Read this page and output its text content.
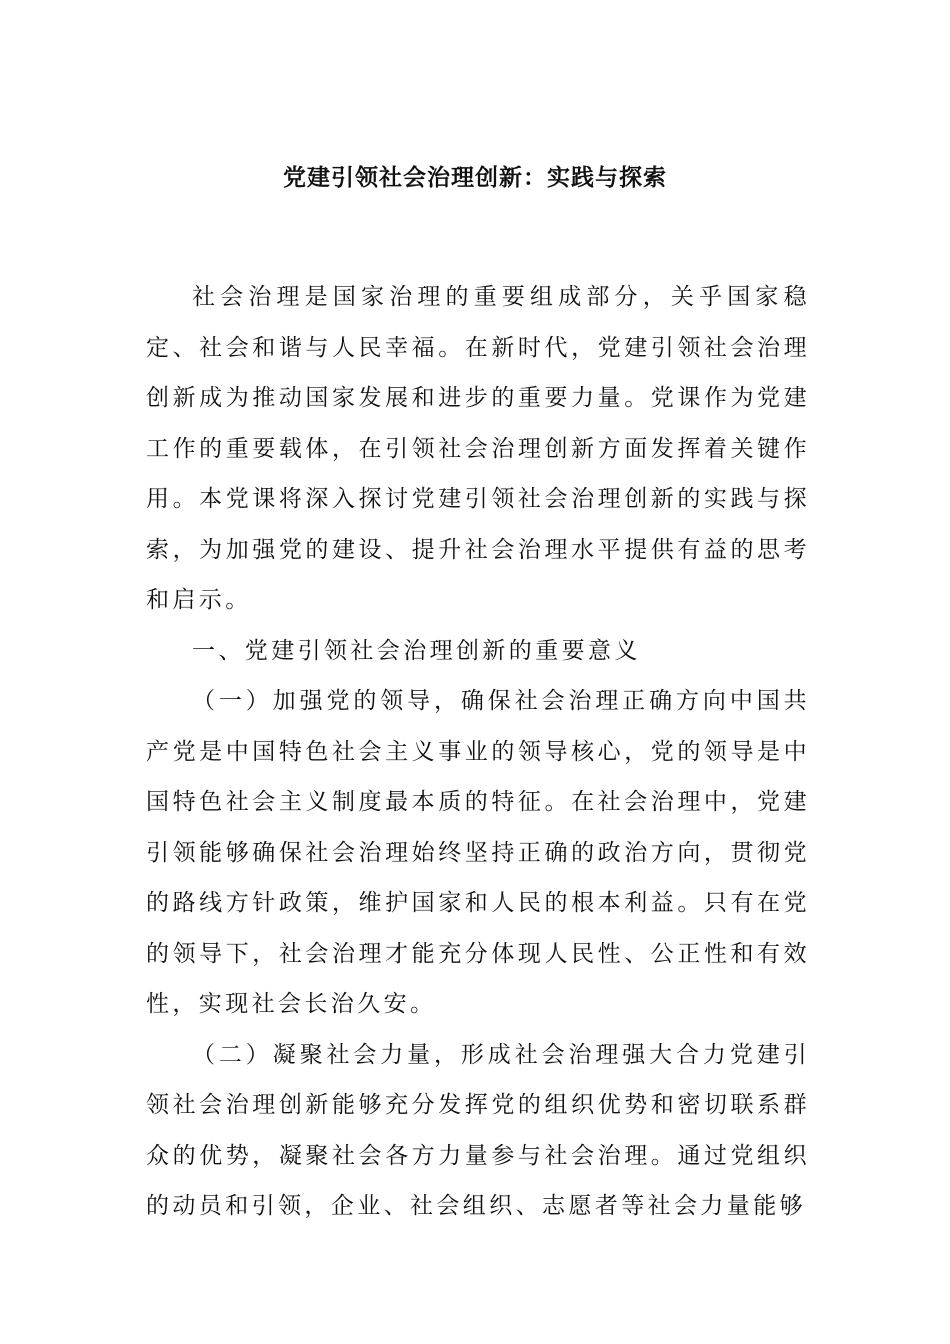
党建引领社会治理创新：实践与探索

社会治理是国家治理的重要组成部分，关乎国家稳定、社会和谐与人民幸福。在新时代，党建引领社会治理创新成为推动国家发展和进步的重要力量。党课作为党建工作的重要载体，在引领社会治理创新方面发挥着关键作用。本党课将深入探讨党建引领社会治理创新的实践与探索，为加强党的建设、提升社会治理水平提供有益的思考和启示。

一、党建引领社会治理创新的重要意义

（一）加强党的领导，确保社会治理正确方向中国共产党是中国特色社会主义事业的领导核心，党的领导是中国特色社会主义制度最本质的特征。在社会治理中，党建引领能够确保社会治理始终坚持正确的政治方向，贯彻党的路线方针政策，维护国家和人民的根本利益。只有在党的领导下，社会治理才能充分体现人民性、公正性和有效性，实现社会长治久安。

（二）凝聚社会力量，形成社会治理强大合力党建引领社会治理创新能够充分发挥党的组织优势和密切联系群众的优势，凝聚社会各方力量参与社会治理。通过党组织的动员和引领，企业、社会组织、志愿者等社会力量能够
